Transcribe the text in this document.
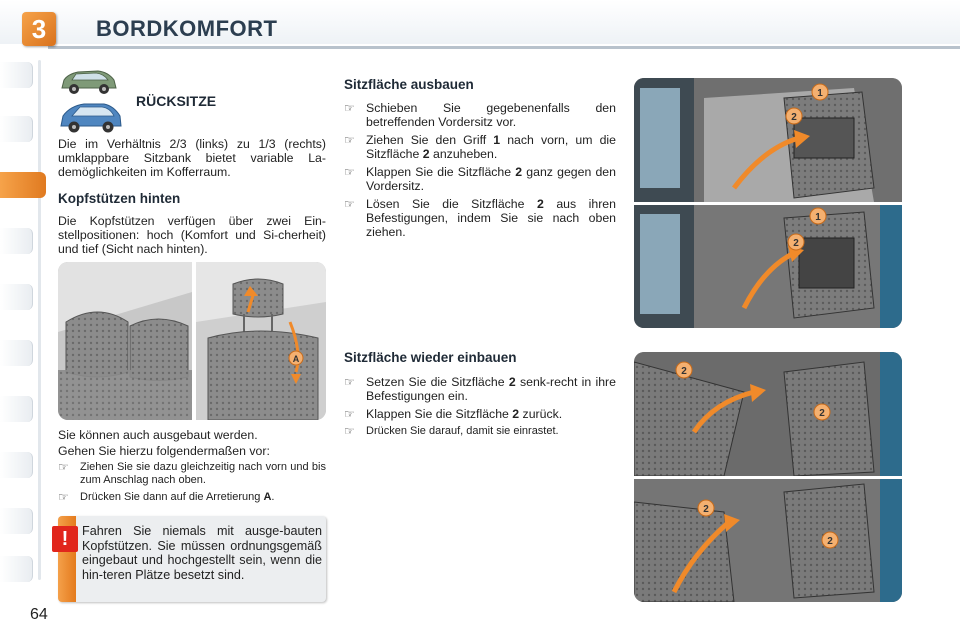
3	BORDKOMFORT
RÜCKSITZE
Die im Verhältnis 2/3 (links) zu 1/3 (rechts) umklappbare Sitzbank bietet variable La-demöglichkeiten im Kofferraum.
Kopfstützen hinten
Die Kopfstützen verfügen über zwei Ein-stellpositionen: hoch (Komfort und Si-cherheit) und tief (Sicht nach hinten).
A
Sie können auch ausgebaut werden.
Gehen Sie hierzu folgendermaßen vor:
☞	Ziehen Sie sie dazu gleichzeitig nach vorn und bis zum Anschlag nach oben.
☞	Drücken Sie dann auf die Arretierung A.
!	Fahren Sie niemals mit ausge-bauten Kopfstützen. Sie müssen ordnungsgemäß eingebaut und hochgestellt sein, wenn die hin-teren Plätze besetzt sind.
Sitzfläche ausbauen
☞ Schieben Sie gegebenenfalls den betreffenden Vordersitz vor.
☞ Ziehen Sie den Griff 1 nach vorn, um die Sitzfläche 2 anzuheben.
☞ Klappen Sie die Sitzfläche 2 ganz gegen den Vordersitz.
☞ Lösen Sie die Sitzfläche 2 aus ihren Befestigungen, indem Sie sie nach oben ziehen.
Sitzfläche wieder einbauen
☞ Setzen Sie die Sitzfläche 2 senk-recht in ihre Befestigungen ein.
☞ Klappen Sie die Sitzfläche 2 zurück.
☞	Drücken Sie darauf, damit sie einrastet.
1
2
1
2
2
2
2
2
64
